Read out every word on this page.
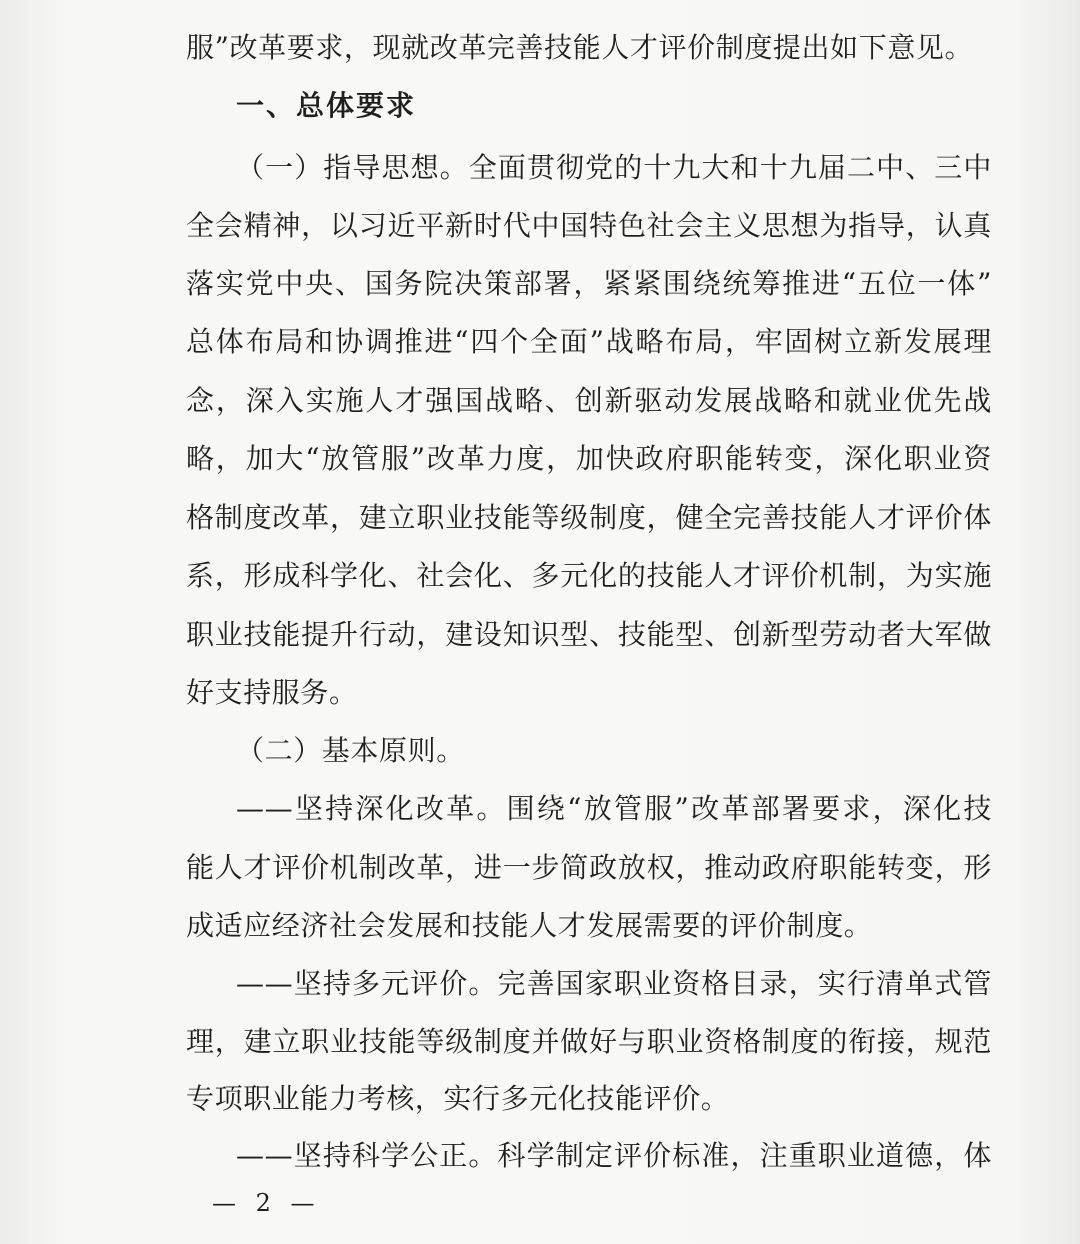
服”改革要求，现就改革完善技能人才评价制度提出如下意见。

一、总体要求

（一）指导思想。全面贯彻党的十九大和十九届二中、三中

全会精神，以习近平新时代中国特色社会主义思想为指导，认真

落实党中央、国务院决策部署，紧紧围绕统筹推进“五位一体”

总体布局和协调推进“四个全面”战略布局，牢固树立新发展理

念，深入实施人才强国战略、创新驱动发展战略和就业优先战

略，加大“放管服”改革力度，加快政府职能转变，深化职业资

格制度改革，建立职业技能等级制度，健全完善技能人才评价体

系，形成科学化、社会化、多元化的技能人才评价机制，为实施

职业技能提升行动，建设知识型、技能型、创新型劳动者大军做

好支持服务。

（二）基本原则。

——坚持深化改革。围绕“放管服”改革部署要求，深化技

能人才评价机制改革，进一步简政放权，推动政府职能转变，形

成适应经济社会发展和技能人才发展需要的评价制度。

——坚持多元评价。完善国家职业资格目录，实行清单式管

理，建立职业技能等级制度并做好与职业资格制度的衔接，规范

专项职业能力考核，实行多元化技能评价。

——坚持科学公正。科学制定评价标准，注重职业道德，体

— 2 —
